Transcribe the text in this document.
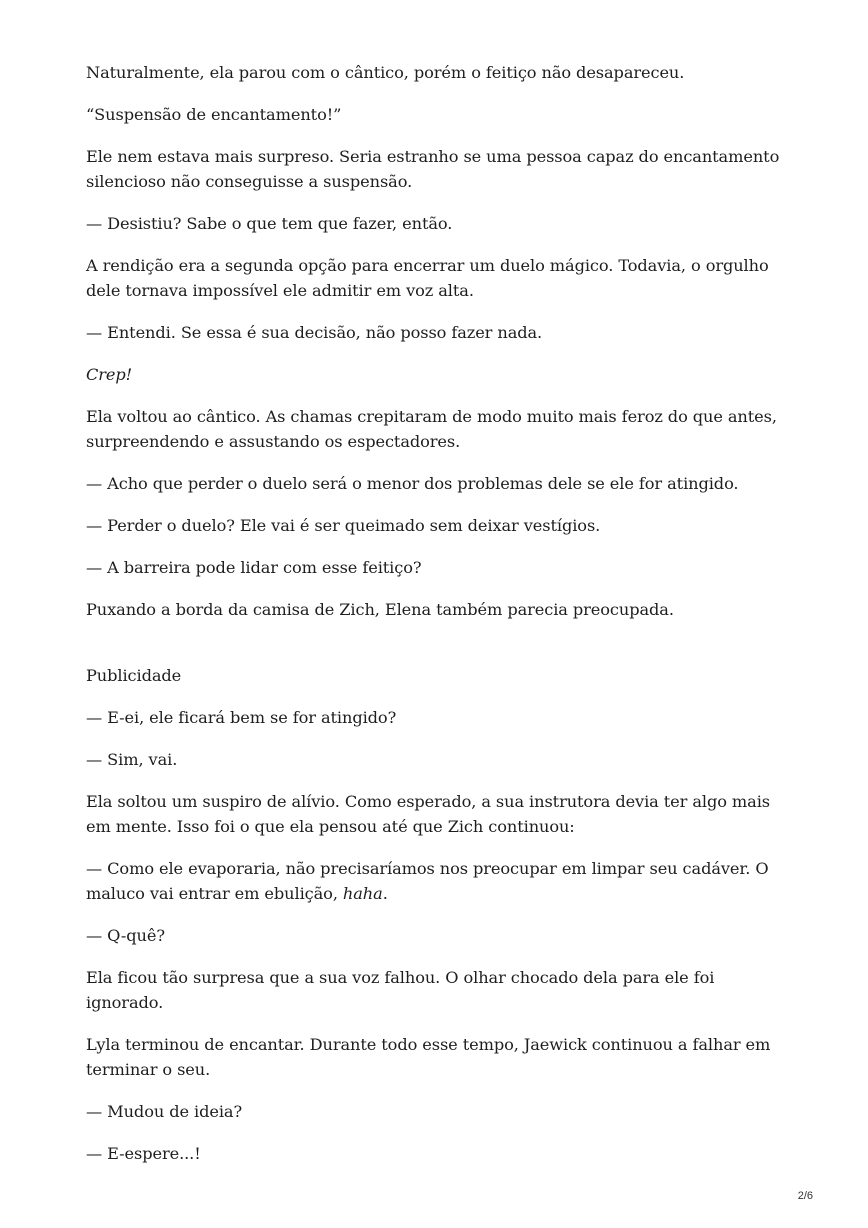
Naturalmente, ela parou com o cântico, porém o feitiço não desapareceu.

“Suspensão de encantamento!”

Ele nem estava mais surpreso. Seria estranho se uma pessoa capaz do encantamento silencioso não conseguisse a suspensão.

— Desistiu? Sabe o que tem que fazer, então.

A rendição era a segunda opção para encerrar um duelo mágico. Todavia, o orgulho dele tornava impossível ele admitir em voz alta.

— Entendi. Se essa é sua decisão, não posso fazer nada.

Crep!

Ela voltou ao cântico. As chamas crepitaram de modo muito mais feroz do que antes, surpreendendo e assustando os espectadores.

— Acho que perder o duelo será o menor dos problemas dele se ele for atingido.

— Perder o duelo? Ele vai é ser queimado sem deixar vestígios.

— A barreira pode lidar com esse feitiço?

Puxando a borda da camisa de Zich, Elena também parecia preocupada.

Publicidade

— E-ei, ele ficará bem se for atingido?

— Sim, vai.

Ela soltou um suspiro de alívio. Como esperado, a sua instrutora devia ter algo mais em mente. Isso foi o que ela pensou até que Zich continuou:

— Como ele evaporaria, não precisaríamos nos preocupar em limpar seu cadáver. O maluco vai entrar em ebulição, haha.

— Q-quê?

Ela ficou tão surpresa que a sua voz falhou. O olhar chocado dela para ele foi ignorado.

Lyla terminou de encantar. Durante todo esse tempo, Jaewick continuou a falhar em terminar o seu.

— Mudou de ideia?

— E-espere...!

2/6
